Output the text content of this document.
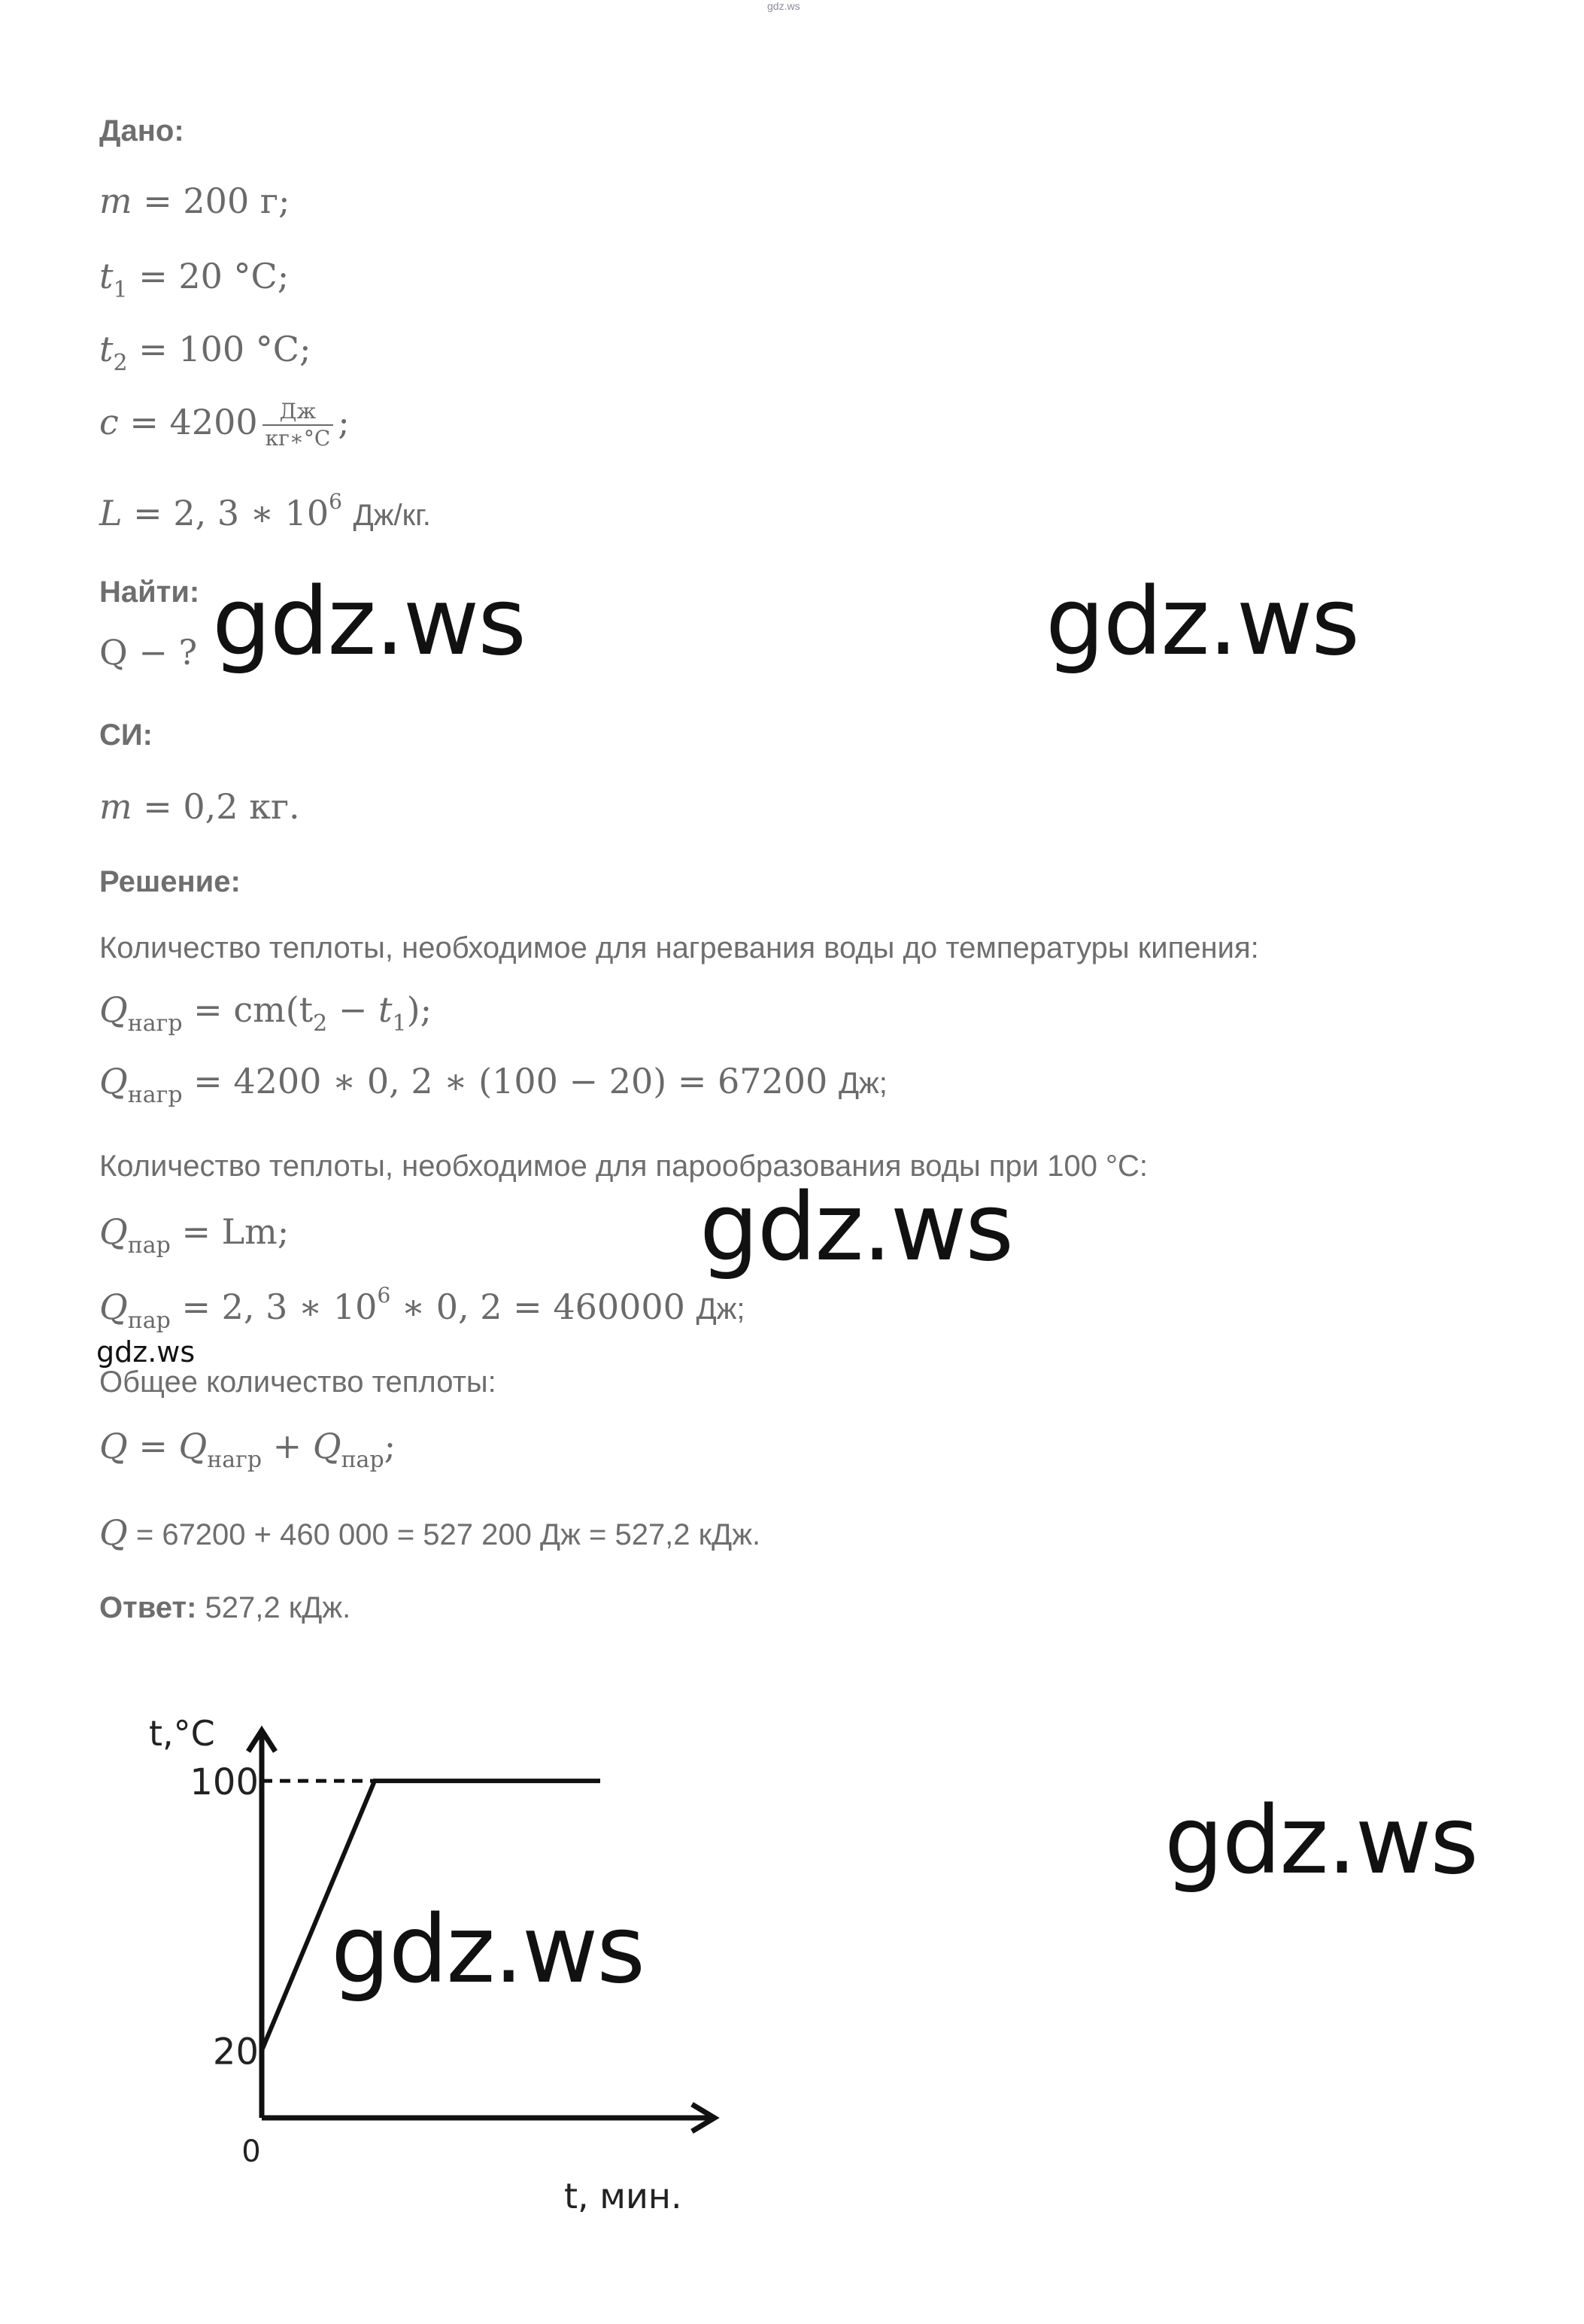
gdz.ws
Дано:
m = 200 г;
$t_1 = 20$ °С;
$t_2 = 100$ °С;
$c = 4200 \frac{Дж}{кг∗^\circ С}$ ;
L = 2, 3 ∗ $10^6$ Дж/кг.
Найти:
Q − ?
СИ:
m = 0,2 кг.
Решение:
Количество теплоты, необходимое для нагревания воды до температуры кипения:
$Q_{нагр} = cm(t_2 - t_1)$;
$Q_{нагр} = 4200$ ∗ 0, 2 ∗ (100 − 20) = 67200 Дж;
Количество теплоты, необходимое для парообразования воды при 100 °С:
$Q_{пар} = Lm$;
$Q_{пар} = 2$, 3 ∗ $10^6$ ∗ 0, 2 = 460000 Дж;
Общее количество теплоты:
$Q = Q_{нагр} + Q_{пар}$;
Q = 67200 + 460 000 = 527 200 Дж = 527,2 кДж.
Ответ: 527,2 кДж.
t,°С
100
20
0
t, мин.
gdz.ws	gdz.ws
gdz.ws
gdz.ws
gdz.ws
gdz.ws
